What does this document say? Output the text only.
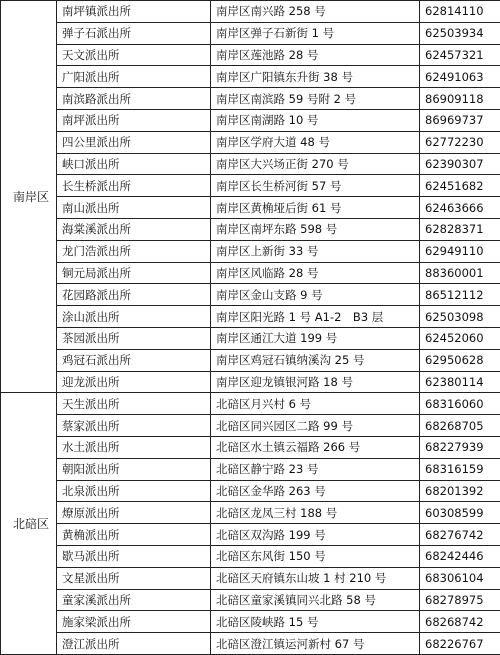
南岸区	南坪镇派出所	南岸区南兴路 258 号	62814110
	弹子石派出所	南岸区弹子石新街 1 号	62503934
	天文派出所	南岸区莲池路 28 号	62457321
	广阳派出所	南岸区广阳镇东升街 38 号	62491063
	南滨路派出所	南岸区南滨路 59 号附 2 号	86909118
	南坪派出所	南岸区南湖路 10 号	86969737
	四公里派出所	南岸区学府大道 48 号	62772230
	峡口派出所	南岸区大兴场正街 270 号	62390307
	长生桥派出所	南岸区长生桥河街 57 号	62451682
	南山派出所	南岸区黄桷垭后街 61 号	62463666
	海棠溪派出所	南岸区南坪东路 598 号	62828371
	龙门浩派出所	南岸区上新街 33 号	62949110
	铜元局派出所	南岸区风临路 28 号	88360001
	花园路派出所	南岸区金山支路 9 号	86512112
	涂山派出所	南岸区阳光路 1 号 A1-2　B3 层	62503098
	茶园派出所	南岸区通江大道 199 号	62452060
	鸡冠石派出所	南岸区鸡冠石镇纳溪沟 25 号	62950628
	迎龙派出所	南岸区迎龙镇银河路 18 号	62380114
北碚区	天生派出所	北碚区月兴村 6 号	68316060
	蔡家派出所	北碚区同兴园区二路 99 号	68268705
	水土派出所	北碚区水土镇云福路 266 号	68227939
	朝阳派出所	北碚区静宁路 23 号	68316159
	北泉派出所	北碚区金华路 263 号	68201392
	燎原派出所	北碚区龙凤三村 188 号	60308599
	黄桷派出所	北碚区双沟路 199 号	68276742
	歇马派出所	北碚区东风街 150 号	68242446
	文星派出所	北碚区天府镇东山坡 1 村 210 号	68306104
	童家溪派出所	北碚区童家溪镇同兴北路 58 号	68278975
	施家梁派出所	北碚区陵峡路 15 号	68268742
	澄江派出所	北碚区澄江镇运河新村 67 号	68226767
